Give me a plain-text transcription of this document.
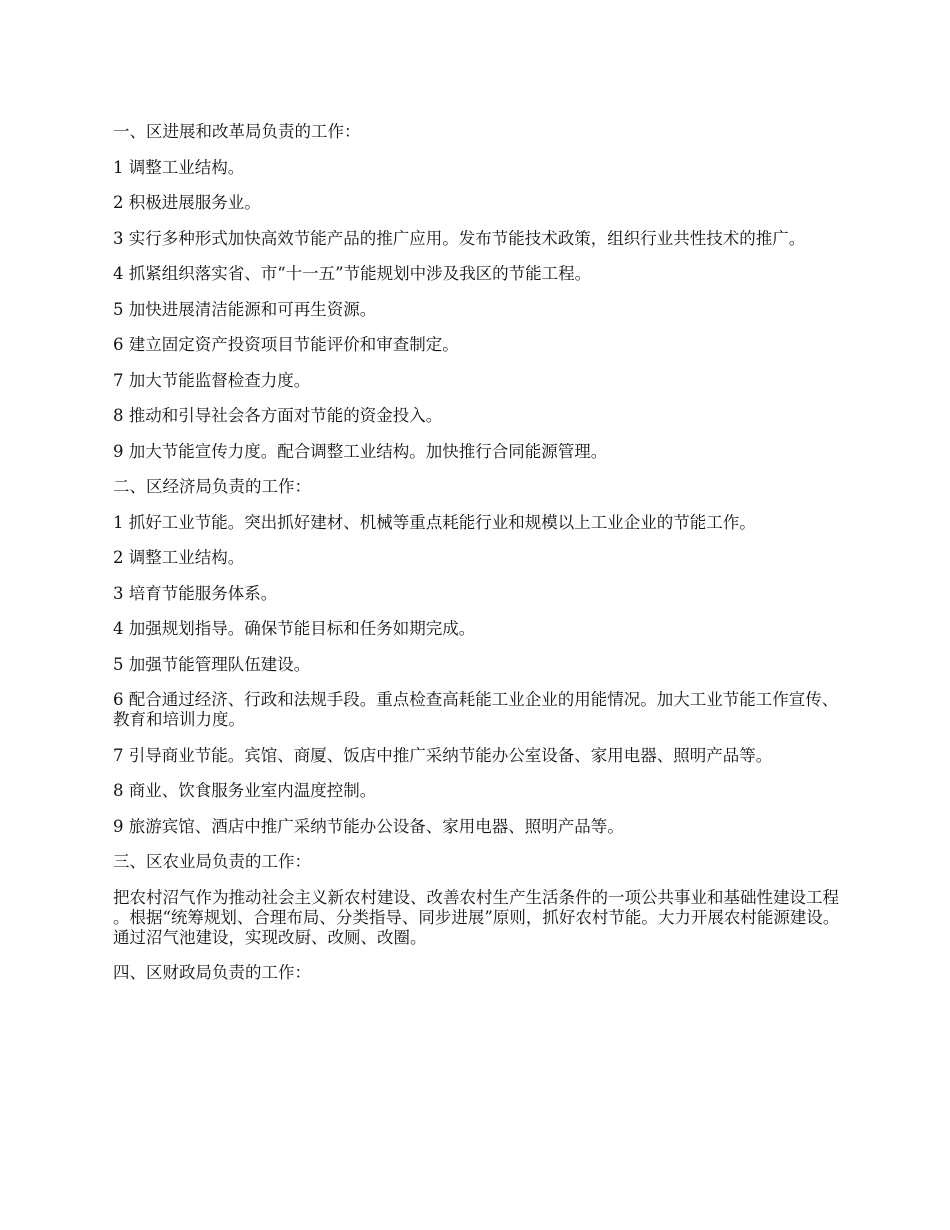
一、区进展和改革局负责的工作：

1 调整工业结构。

2 积极进展服务业。

3 实行多种形式加快高效节能产品的推广应用。发布节能技术政策，组织行业共性技术的推广。

4 抓紧组织落实省、市“十一五”节能规划中涉及我区的节能工程。

5 加快进展清洁能源和可再生资源。

6 建立固定资产投资项目节能评价和审查制定。

7 加大节能监督检查力度。

8 推动和引导社会各方面对节能的资金投入。

9 加大节能宣传力度。配合调整工业结构。加快推行合同能源管理。

二、区经济局负责的工作：

1 抓好工业节能。突出抓好建材、机械等重点耗能行业和规模以上工业企业的节能工作。

2 调整工业结构。

3 培育节能服务体系。

4 加强规划指导。确保节能目标和任务如期完成。

5 加强节能管理队伍建设。

6 配合通过经济、行政和法规手段。重点检查高耗能工业企业的用能情况。加大工业节能工作宣传、教育和培训力度。

7 引导商业节能。宾馆、商厦、饭店中推广采纳节能办公室设备、家用电器、照明产品等。

8 商业、饮食服务业室内温度控制。

9 旅游宾馆、酒店中推广采纳节能办公设备、家用电器、照明产品等。

三、区农业局负责的工作：

把农村沼气作为推动社会主义新农村建设、改善农村生产生活条件的一项公共事业和基础性建设工程。根据“统筹规划、合理布局、分类指导、同步进展”原则，抓好农村节能。大力开展农村能源建设。通过沼气池建设，实现改厨、改厕、改圈。

四、区财政局负责的工作：
